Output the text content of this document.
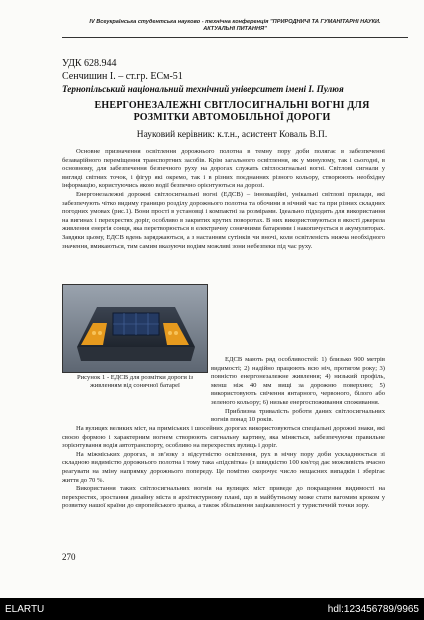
IV Всеукраїнська студентська науково - технічна конференція "ПРИРОДНИЧІ ТА ГУМАНІТАРНІ НАУКИ.
АКТУАЛЬНІ ПИТАННЯ"
УДК 628.944
Сенчишин І. – ст.гр. ЕСм-51
Тернопільський національний технічний університет імені І. Пулюя
ЕНЕРГОНЕЗАЛЕЖНІ СВІТЛОСИГНАЛЬНІ ВОГНІ ДЛЯ
РОЗМІТКИ АВТОМОБІЛЬНОЇ ДОРОГИ
Науковий керівник: к.т.н., асистент Коваль В.П.

Основне призначення освітлення дорожнього полотна в темну пору доби полягає в забезпеченні безаварійного переміщення транспортних засобів. Крім загального освітлення, як у минулому, так і сьогодні, в основному, для забезпечення безпечного руху на дорогах служать світлосигнальні вогні. Світлові сигнали у вигляді світних точок, і фігур які окремо, так і в різних поєднаннях різного кольору, створюють необхідну інформацію, користуючись якою водії безпечно орієнтуються на дорозі.

Енергонезалежні дорожні світлосигнальні вогні (ЕДСВ) – інноваційні, унікальні світлові прилади, які забезпечують чітко видиму границю розділу дорожнього полотна та обочини в нічний час та при різних складних погодних умовах (рис.1). Вони прості в установці і компактні за розмірами. Ідеально підходять для використання на вигинах і перехрестях доріг, особливо в закритих крутих поворотах. В них використовуються в якості джерела живлення енергія сонця, яка перетворюється в електричну сонячними батареями і накопичується в акумуляторах. Завдяки цьому, ЕДСВ вдень заряджаються, а з настанням сутінків чи вночі, коли освітленість нижча необхідного значення, вмикаються, тим самим вказуючи водіям можливі зони небезпеки під час руху.

Рисунок 1 - ЕДСВ для розмітки дороги із живленням від сонячної батареї

ЕДСВ мають ряд особливостей: 1) близько 900 метрів видимості; 2) надійно працюють всю ніч, протягом року; 3) повністю енергонезалежне живлення; 4) низький профіль, менш ніж 40 мм вищі за дорожню поверхню; 5) використовують свічення янтарного, червоного, білого або зеленого кольору; 6) низьке енергоспоживання споживання.

Приблизна тривалість роботи даних світлосигнальних вогнів понад 10 років.

На вулицях великих міст, на приміських і шосейних дорогах використовуються спеціальні дорожні знаки, які своєю формою і характерним вогнем створюють сигнальну картину, яка міняється, забезпечуючи правильне зорієнтування водія автотранспорту, особливо на перехрестях вулиць і доріг.

На міжміських дорогах, в зв’язку з відсутністю освітлення, рух в нічну пору доби ускладнюється зі складною видимістю дорожнього полотна і тому така «підсвітка» (з швидкістю 100 км/год дає можливість вчасно реагувати на зміну напрямку дорожнього попереду. Це помітно скорочує число нещасних випадків і зберігає життя до 70 %.

Використання таких світлосигнальних вогнів на вулицях міст приведе до покращення видимості на перехрестях, зростання дизайну міста в архітектурному плані, що в майбутньому може стати вагомим кроком у розвитку нашої країни до європейського зразка, а також збільшення зацікавленості у туристичній точки зору.

270
ELARTU	hdl:123456789/9965
